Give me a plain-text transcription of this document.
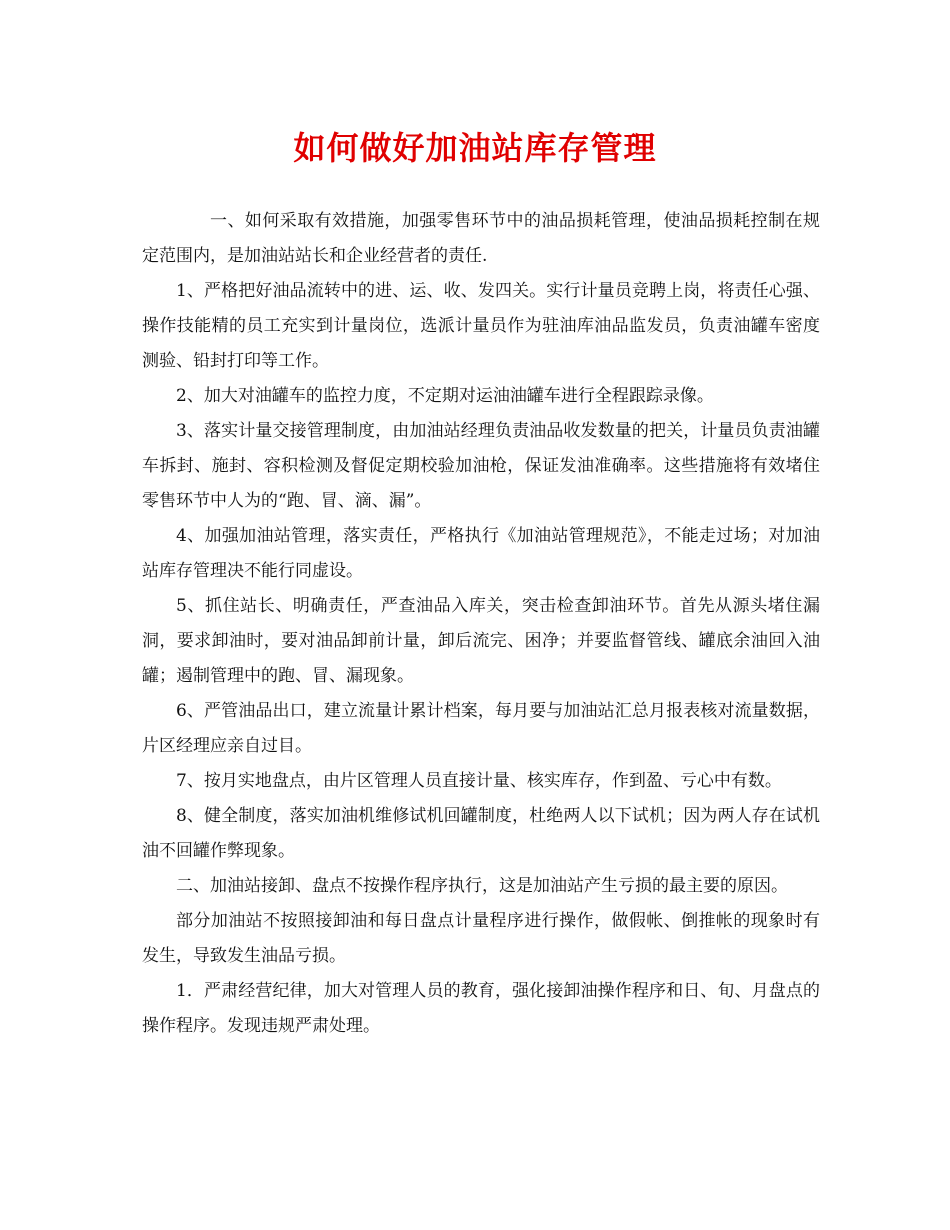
如何做好加油站库存管理

一、如何采取有效措施，加强零售环节中的油品损耗管理，使油品损耗控制在规定范围内，是加油站站长和企业经营者的责任.

1、严格把好油品流转中的进、运、收、发四关。实行计量员竞聘上岗，将责任心强、操作技能精的员工充实到计量岗位，选派计量员作为驻油库油品监发员，负责油罐车密度测验、铅封打印等工作。

2、加大对油罐车的监控力度，不定期对运油油罐车进行全程跟踪录像。

3、落实计量交接管理制度，由加油站经理负责油品收发数量的把关，计量员负责油罐车拆封、施封、容积检测及督促定期校验加油枪，保证发油准确率。这些措施将有效堵住零售环节中人为的“跑、冒、滴、漏”。

4、加强加油站管理，落实责任，严格执行《加油站管理规范》，不能走过场；对加油站库存管理决不能行同虚设。

5、抓住站长、明确责任，严查油品入库关，突击检查卸油环节。首先从源头堵住漏洞，要求卸油时，要对油品卸前计量，卸后流完、困净；并要监督管线、罐底余油回入油罐；遏制管理中的跑、冒、漏现象。

6、严管油品出口，建立流量计累计档案，每月要与加油站汇总月报表核对流量数据，片区经理应亲自过目。

7、按月实地盘点，由片区管理人员直接计量、核实库存，作到盈、亏心中有数。

8、健全制度，落实加油机维修试机回罐制度，杜绝两人以下试机；因为两人存在试机油不回罐作弊现象。

二、加油站接卸、盘点不按操作程序执行，这是加油站产生亏损的最主要的原因。

部分加油站不按照接卸油和每日盘点计量程序进行操作，做假帐、倒推帐的现象时有发生，导致发生油品亏损。

1．严肃经营纪律，加大对管理人员的教育，强化接卸油操作程序和日、旬、月盘点的操作程序。发现违规严肃处理。
